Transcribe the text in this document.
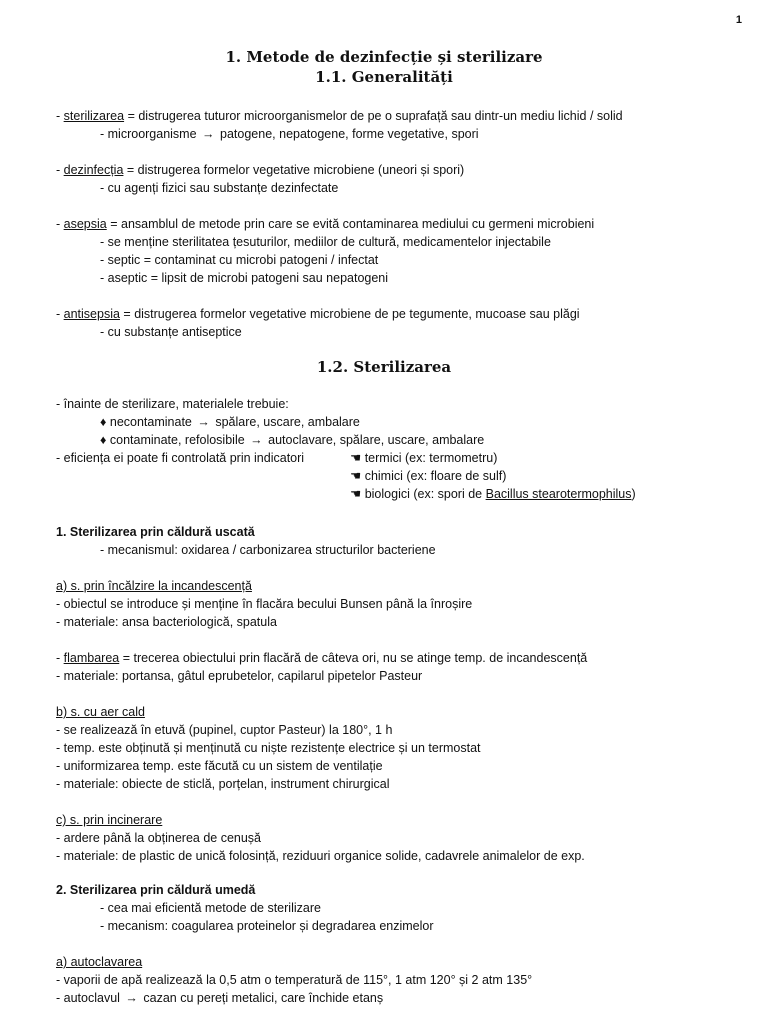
1
1. Metode de dezinfecție și sterilizare
1.1. Generalități
- sterilizarea = distrugerea tuturor microorganismelor de pe o suprafață sau dintr-un mediu lichid / solid
- microorganisme → patogene, nepatogene, forme vegetative, spori
- dezinfecția = distrugerea formelor vegetative microbiene (uneori și spori)
- cu agenți fizici sau substanțe dezinfectate
- asepsia = ansamblul de metode prin care se evită contaminarea mediului cu germeni microbieni
- se menține sterilitatea țesuturilor, mediilor de cultură, medicamentelor injectabile
- septic = contaminat cu microbi patogeni / infectat
- aseptic = lipsit de microbi patogeni sau nepatogeni
- antisepsia = distrugerea formelor vegetative microbiene de pe tegumente, mucoase sau plăgi
- cu substanțe antiseptice
1.2. Sterilizarea
- înainte de sterilizare, materialele trebuie:
♦ necontaminate → spălare, uscare, ambalare
♦ contaminate, refolosibile → autoclavare, spălare, uscare, ambalare
- eficiența ei poate fi controlată prin indicatori	☚ termici (ex: termometru)
☚ chimici (ex: floare de sulf)
☚ biologici (ex: spori de Bacillus stearotermophilus)
1. Sterilizarea prin căldură uscată
- mecanismul: oxidarea / carbonizarea structurilor bacteriene
a) s. prin încălzire la incandescență
- obiectul se introduce și menține în flacăra becului Bunsen până la înroșire
- materiale: ansa bacteriologică, spatula
- flambarea = trecerea obiectului prin flacără de câteva ori, nu se atinge temp. de incandescență
- materiale: portansa, gâtul eprubetelor, capilarul pipetelor Pasteur
b) s. cu aer cald
- se realizează în etuvă (pupinel, cuptor Pasteur) la 180°, 1 h
- temp. este obținută și menținută cu niște rezistențe electrice și un termostat
- uniformizarea temp. este făcută cu un sistem de ventilație
- materiale: obiecte de sticlă, porțelan, instrument chirurgical
c) s. prin incinerare
- ardere până la obținerea de cenușă
- materiale: de plastic de unică folosință, reziduuri organice solide, cadavrele animalelor de exp.
2. Sterilizarea prin căldură umedă
- cea mai eficientă metode de sterilizare
- mecanism: coagularea proteinelor și degradarea enzimelor
a) autoclavarea
- vaporii de apă realizează la 0,5 atm o temperatură de 115°, 1 atm 120° și 2 atm 135°
- autoclavul → cazan cu pereți metalici, care închide etanș
